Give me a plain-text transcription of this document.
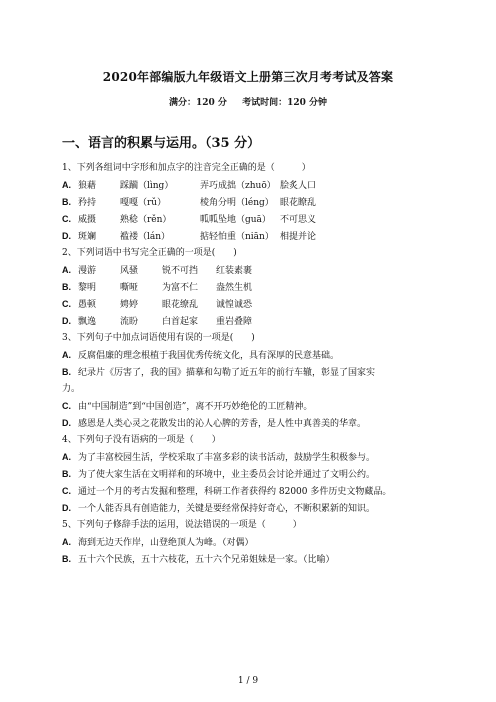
2020年部编版九年级语文上册第三次月考考试及答案
满分：120 分 考试时间：120 分钟
一、语言的积累与运用。（35 分）
1、下列各组词中字形和加点字的注音完全正确的是（　　　）
A. 狼藉	踩躏（lìng）	弄巧成拙（zhuō） 脍炙人口
B. 矜持	嘎嘎（rǔ）	棱角分明（léng） 眼花瞭乱
C. 威摄	熟稔（rěn）	呱呱坠地（guā） 不可思义
D. 斑斓	褴褛（lán）	掂轻怕重（niān） 相提并论
2、下列词语中书写完全正确的一项是(　　)
A. 漫游	风骚	锐不可挡 红装素裹
B. 黎明	嘶哑	为富不仁 盎然生机
C. 愚顿	娉婷	眼花缭乱 诚惶诚恐
D. 飘逸	流盼	白首起家 重岩叠障
3、下列句子中加点词语使用有误的一项是(　　)
A. 反腐倡廉的理念根植于我国优秀传统文化，具有深厚的民意基础。
B. 纪录片《厉害了，我的国》描摹和勾勒了近五年的前行车辙，彰显了国家实
力。
C. 由“中国制造”到“中国创造”，离不开巧妙绝伦的工匠精神。
D. 感恩是人类心灵之花散发出的沁人心脾的芳香，是人性中真善美的华章。
4、下列句子没有语病的一项是（　　）
A. 为了丰富校园生活，学校采取了丰富多彩的读书活动，鼓励学生积极参与。
B. 为了使大家生活在文明祥和的环境中，业主委员会讨论并通过了文明公约。
C. 通过一个月的考古发掘和整理，科研工作者获得约 82000 多件历史文物藏品。
D. 一个人能否具有创造能力，关键是要经常保持好奇心，不断积累新的知识。
5、下列句子修辞手法的运用，说法错误的一项是（　　　）
A. 海到无边天作岸，山登绝顶人为峰。（对偶）
B. 五十六个民族，五十六枝花，五十六个兄弟姐妹是一家。（比喻）
1 / 9
